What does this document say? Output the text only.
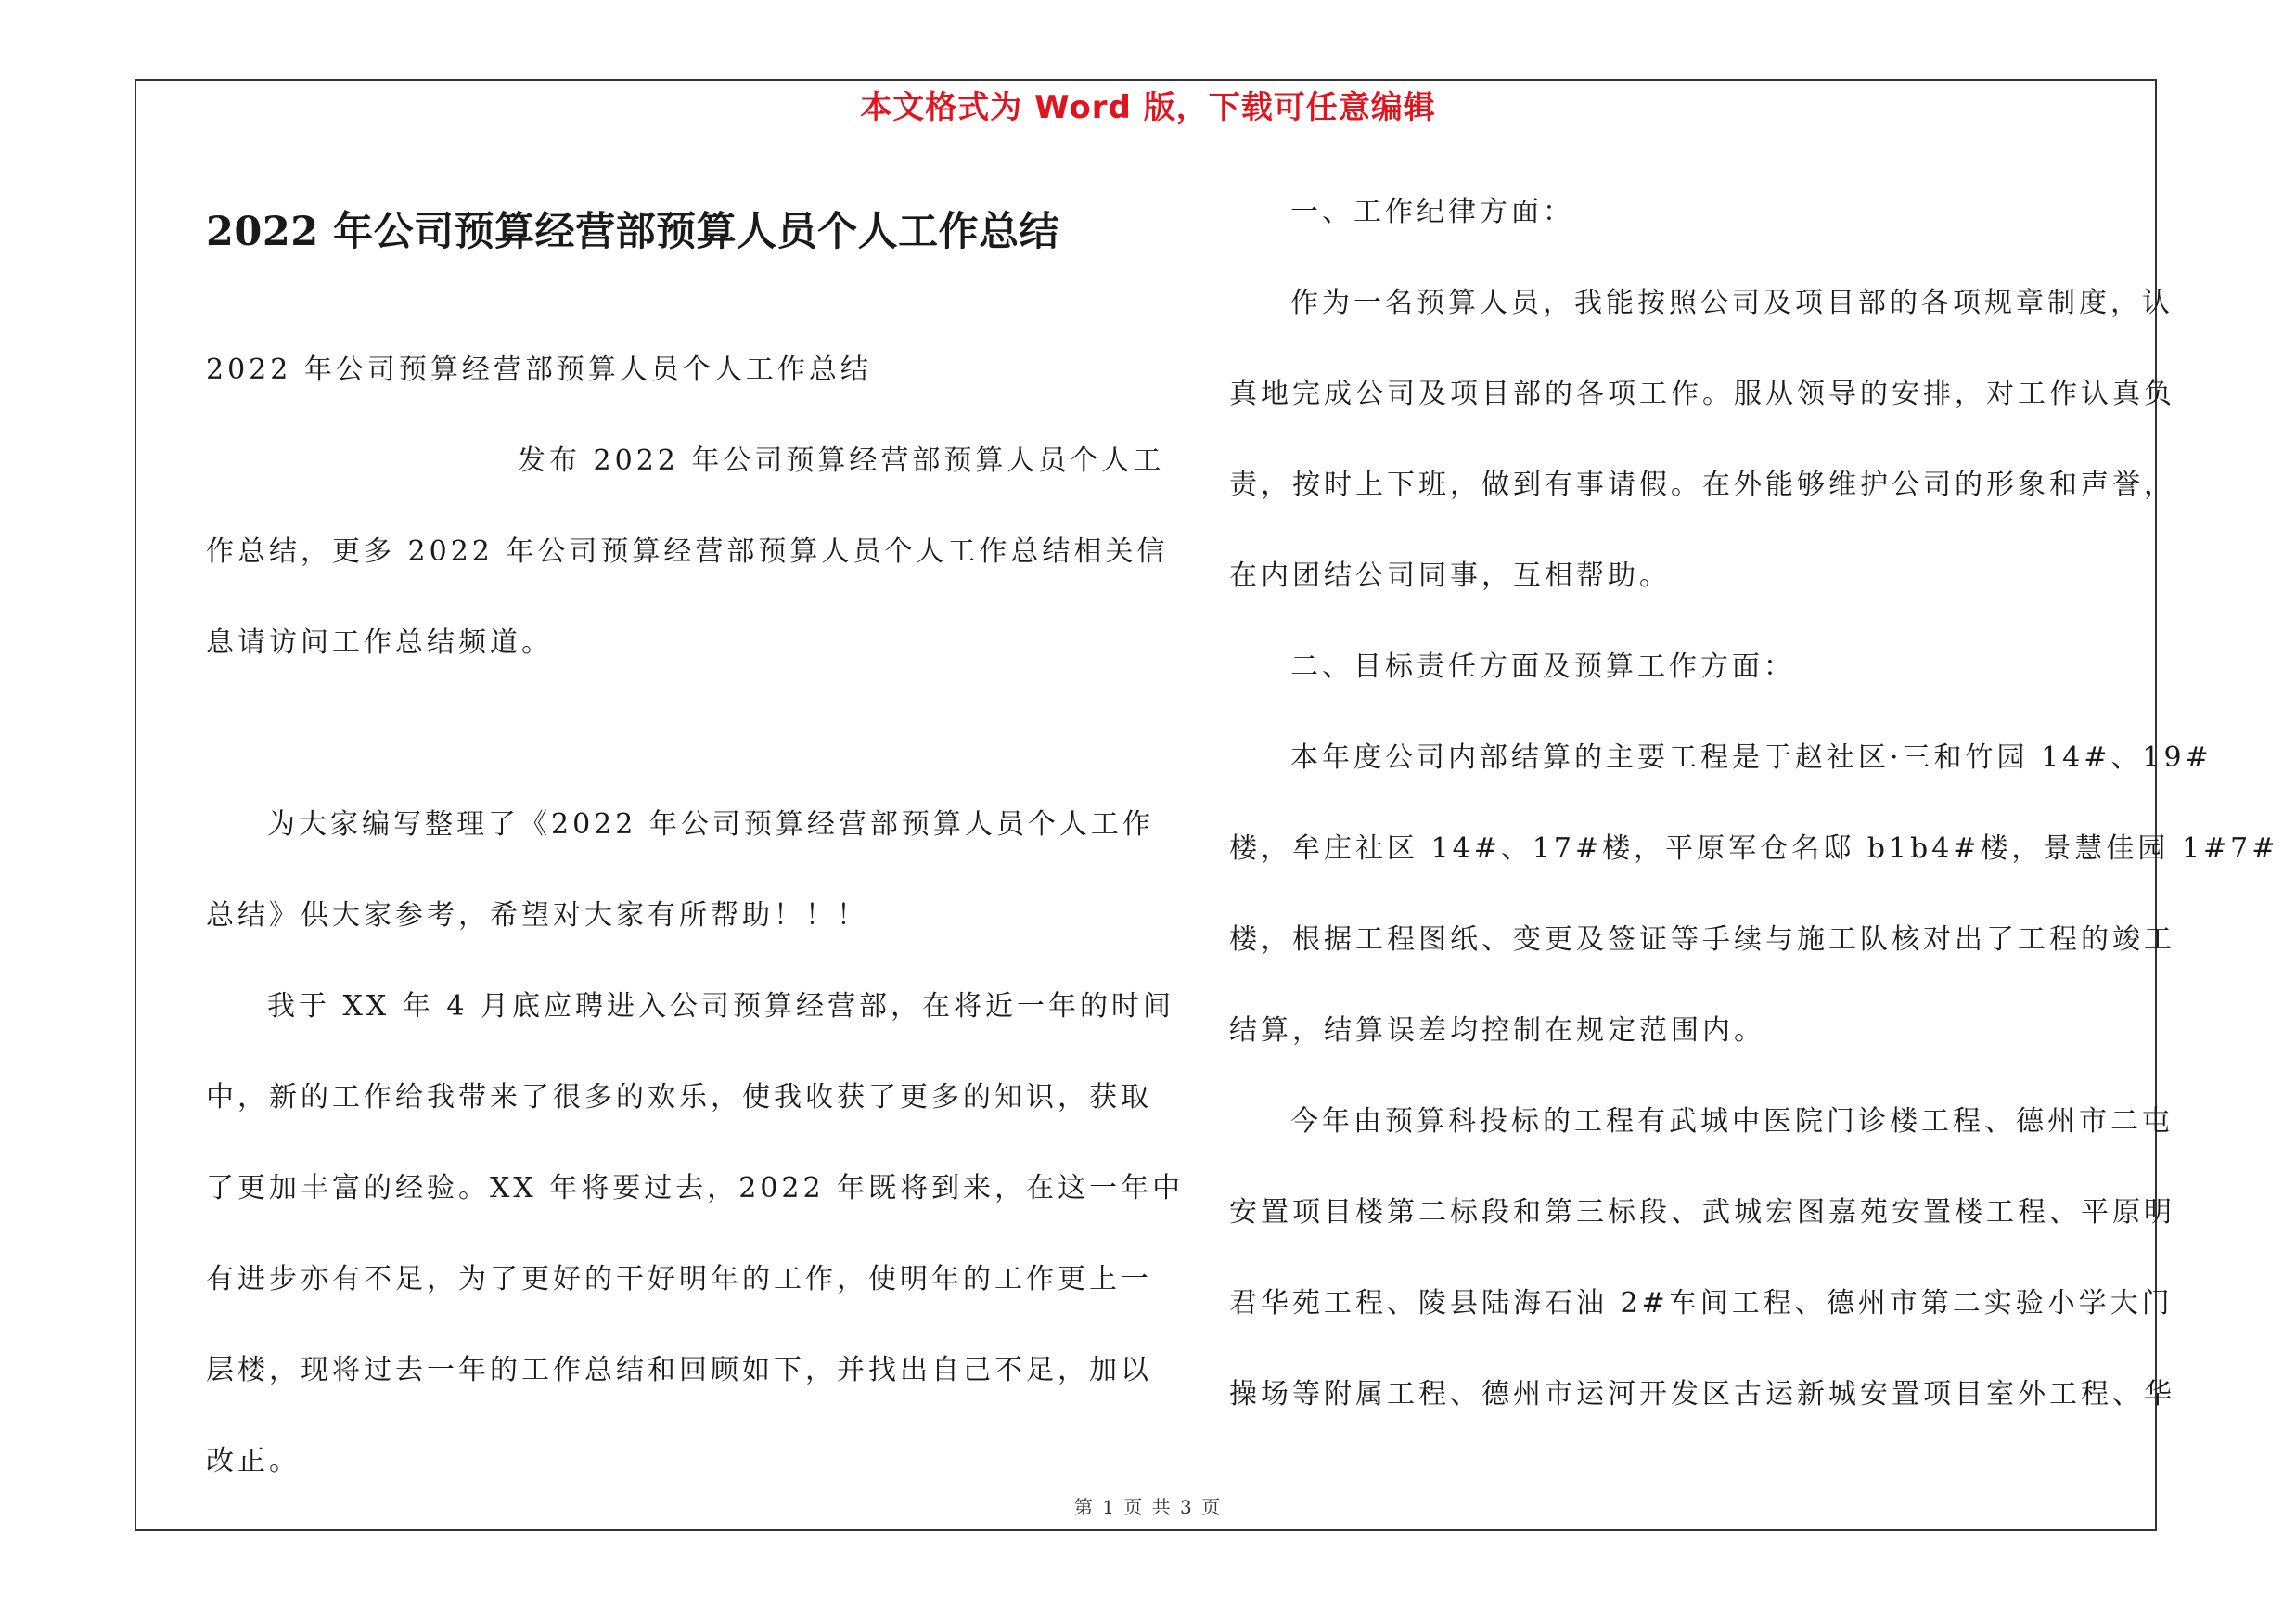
本文格式为 Word 版，下载可任意编辑
2022 年公司预算经营部预算人员个人工作总结
2022 年公司预算经营部预算人员个人工作总结
发布 2022 年公司预算经营部预算人员个人工
作总结，更多 2022 年公司预算经营部预算人员个人工作总结相关信
息请访问工作总结频道。
为大家编写整理了《2022 年公司预算经营部预算人员个人工作
总结》供大家参考，希望对大家有所帮助！！！
我于 XX 年 4 月底应聘进入公司预算经营部，在将近一年的时间
中，新的工作给我带来了很多的欢乐，使我收获了更多的知识，获取
了更加丰富的经验。XX 年将要过去，2022 年既将到来，在这一年中
有进步亦有不足，为了更好的干好明年的工作，使明年的工作更上一
层楼，现将过去一年的工作总结和回顾如下，并找出自己不足，加以
改正。
一、工作纪律方面：
作为一名预算人员，我能按照公司及项目部的各项规章制度，认
真地完成公司及项目部的各项工作。服从领导的安排，对工作认真负
责，按时上下班，做到有事请假。在外能够维护公司的形象和声誉，
在内团结公司同事，互相帮助。
二、目标责任方面及预算工作方面：
本年度公司内部结算的主要工程是于赵社区·三和竹园 14#、19#
楼，牟庄社区 14#、17#楼，平原军仓名邸 b1b4#楼，景慧佳园 1#7#
楼，根据工程图纸、变更及签证等手续与施工队核对出了工程的竣工
结算，结算误差均控制在规定范围内。
今年由预算科投标的工程有武城中医院门诊楼工程、德州市二屯
安置项目楼第二标段和第三标段、武城宏图嘉苑安置楼工程、平原明
君华苑工程、陵县陆海石油 2#车间工程、德州市第二实验小学大门
操场等附属工程、德州市运河开发区古运新城安置项目室外工程、华
第 1 页 共 3 页
